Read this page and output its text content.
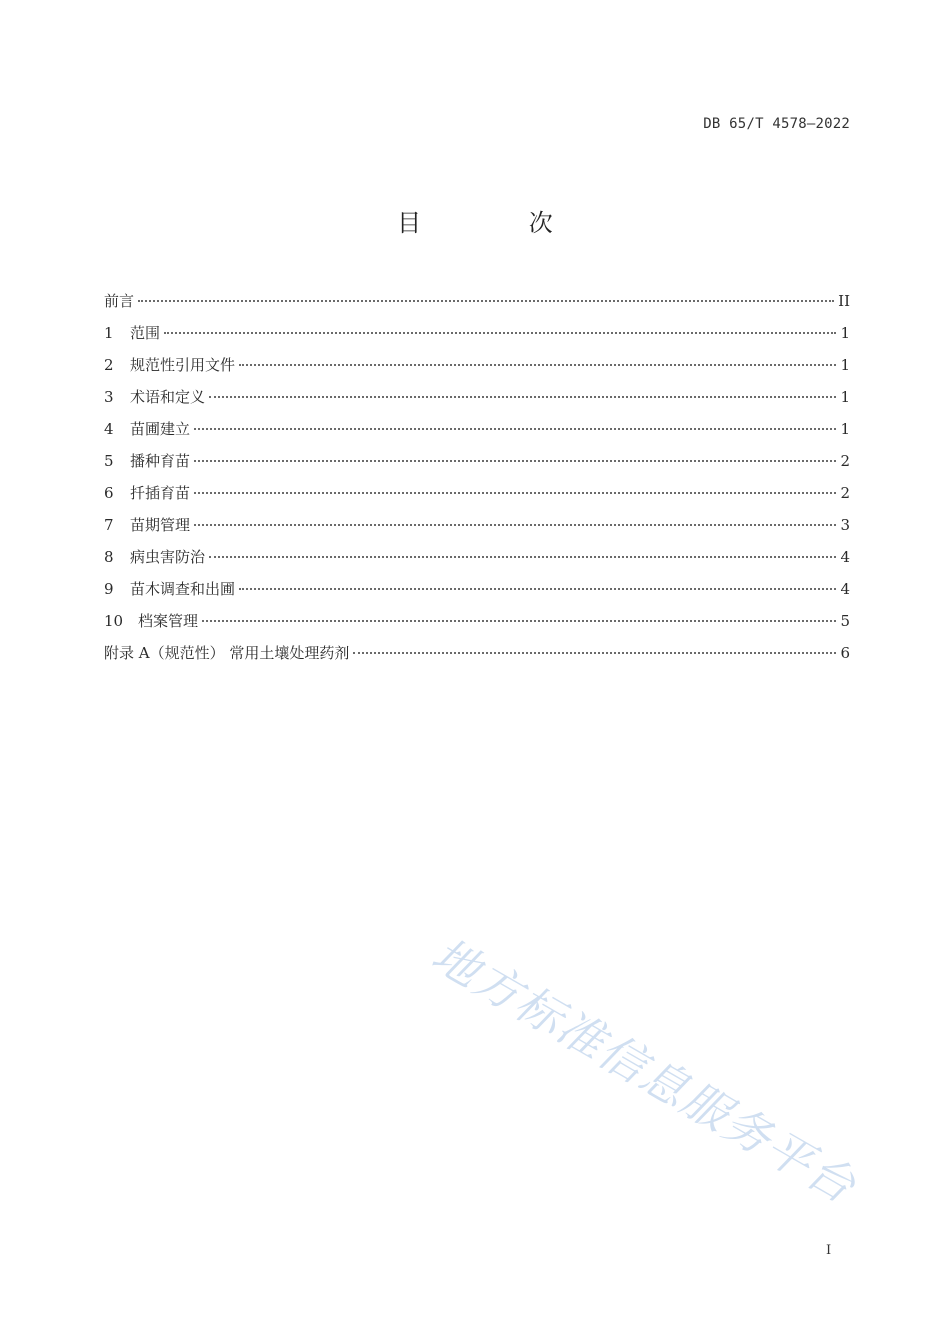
DB 65/T 4578—2022
目 次
前言	II
1	范围	1
2	规范性引用文件	1
3	术语和定义	1
4	苗圃建立	1
5	播种育苗	2
6	扦插育苗	2
7	苗期管理	3
8	病虫害防治	4
9	苗木调查和出圃	4
10 档案管理	5
附录 A（规范性） 常用土壤处理药剂	6
地方标准信息服务平台
I
